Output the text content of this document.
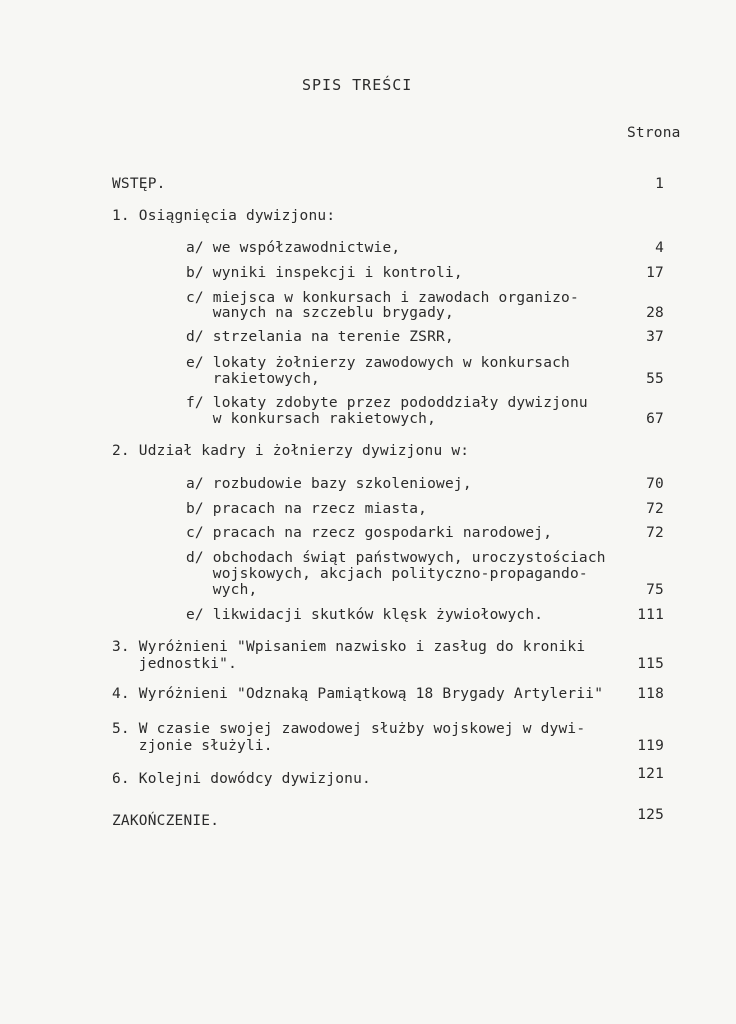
SPIS TREŚCI
Strona
WSTĘP.	1
1. Osiągnięcia dywizjonu:
a/ we współzawodnictwie,	4
b/ wyniki inspekcji i kontroli,	17
c/ miejsca w konkursach i zawodach organizo-
wanych na szczeblu brygady,	28
d/ strzelania na terenie ZSRR,	37
e/ lokaty żołnierzy zawodowych w konkursach
rakietowych,	55
f/ lokaty zdobyte przez pododdziały dywizjonu
w konkursach rakietowych,	67
2. Udział kadry i żołnierzy dywizjonu w:
a/ rozbudowie bazy szkoleniowej,	70
b/ pracach na rzecz miasta,	72
c/ pracach na rzecz gospodarki narodowej,	72
d/ obchodach świąt państwowych, uroczystościach
wojskowych, akcjach polityczno-propagando-
wych,	75
e/ likwidacji skutków klęsk żywiołowych.	111
3. Wyróżnieni "Wpisaniem nazwisko i zasług do kroniki
jednostki".	115
4. Wyróżnieni "Odznaką Pamiątkową 18 Brygady Artylerii" 118
5. W czasie swojej zawodowej służby wojskowej w dywi-
zjonie służyli.	119
6. Kolejni dowódcy dywizjonu.	121
ZAKOŃCZENIE.	125
